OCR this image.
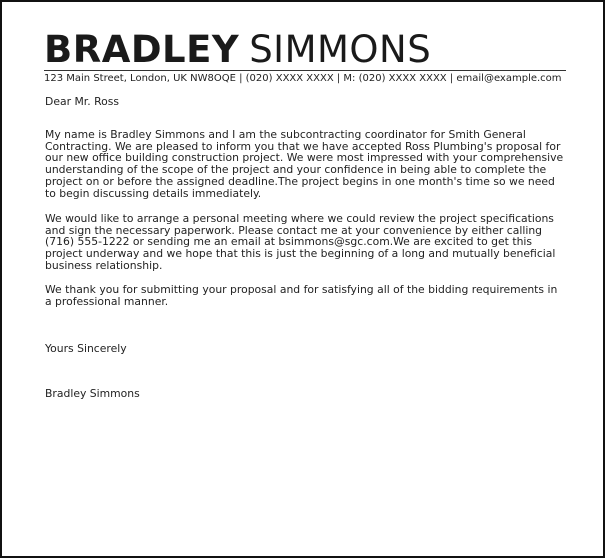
BRADLEY SIMMONS
123 Main Street, London, UK NW8OQE | (020) XXXX XXXX | M: (020) XXXX XXXX | email@example.com
Dear Mr. Ross

My name is Bradley Simmons and I am the subcontracting coordinator for Smith General Contracting. We are pleased to inform you that we have accepted Ross Plumbing's proposal for our new office building construction project. We were most impressed with your comprehensive understanding of the scope of the project and your confidence in being able to complete the project on or before the assigned deadline.The project begins in one month's time so we need to begin discussing details immediately.

We would like to arrange a personal meeting where we could review the project specifications and sign the necessary paperwork. Please contact me at your convenience by either calling (716) 555-1222 or sending me an email at bsimmons@sgc.com.We are excited to get this project underway and we hope that this is just the beginning of a long and mutually beneficial business relationship.

We thank you for submitting your proposal and for satisfying all of the bidding requirements in a professional manner.

Yours Sincerely
Bradley Simmons
